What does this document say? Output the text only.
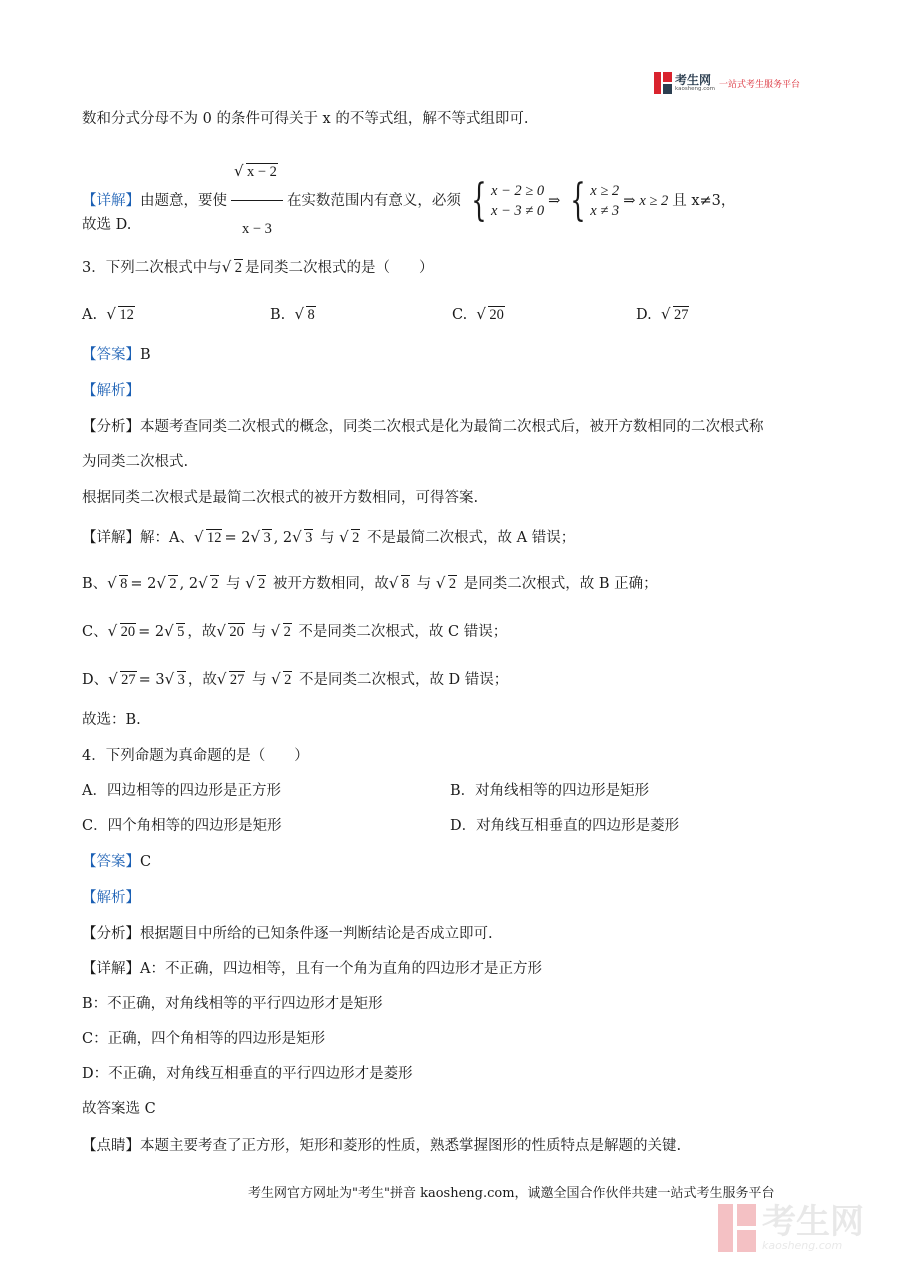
考生网
kaosheng.com 一站式考生服务平台
数和分式分母不为 0 的条件可得关于 x 的不等式组，解不等式组即可.
【详解】 由题意，要使 √ $\frac{x - 2}{x - 3}$ 在实数范围内有意义，必须 { x − 2 ≥ 0
x − 3 ≠ 0
⇒ { x ≥ 2
x ≠ 3
⇒ x ≥ 2 且 x≠3，
故选 D.
3．下列二次根式中与 √ 2 是同类二次根式的是（　　）
A. √ 12	B. √ 8	C. √ 20	D. √ 27
【答案】B
【解析】
【分析】本题考查同类二次根式的概念，同类二次根式是化为最简二次根式后，被开方数相同的二次根式称
为同类二次根式.
根据同类二次根式是最简二次根式的被开方数相同，可得答案.
【详解】解：A、 √ 12 = 2 √ 3 , 2 √ 3 与 √ 2 不是最简二次根式，故 A 错误；
B、 √ 8 = 2 √ 2 , 2 √ 2 与 √ 2 被开方数相同，故 √ 8 与 √ 2 是同类二次根式，故 B 正确；
C、 √ 20 = 2 √ 5 ，故 √ 20 与 √ 2 不是同类二次根式，故 C 错误；
D、 √ 27 = 3 √ 3 ，故 √ 27 与 √ 2 不是同类二次根式，故 D 错误；
故选：B.
4．下列命题为真命题的是（　　）
A．四边相等的四边形是正方形	B．对角线相等的四边形是矩形
C．四个角相等的四边形是矩形	D．对角线互相垂直的四边形是菱形
【答案】C
【解析】
【分析】根据题目中所给的已知条件逐一判断结论是否成立即可.
【详解】A：不正确，四边相等，且有一个角为直角的四边形才是正方形
B：不正确，对角线相等的平行四边形才是矩形
C：正确，四个角相等的四边形是矩形
D：不正确，对角线互相垂直的平行四边形才是菱形
故答案选 C
【点睛】本题主要考查了正方形，矩形和菱形的性质，熟悉掌握图形的性质特点是解题的关键.
考生网官方网址为"考生"拼音 kaosheng.com，诚邀全国合作伙伴共建一站式考生服务平台
考生网
kaosheng.com
